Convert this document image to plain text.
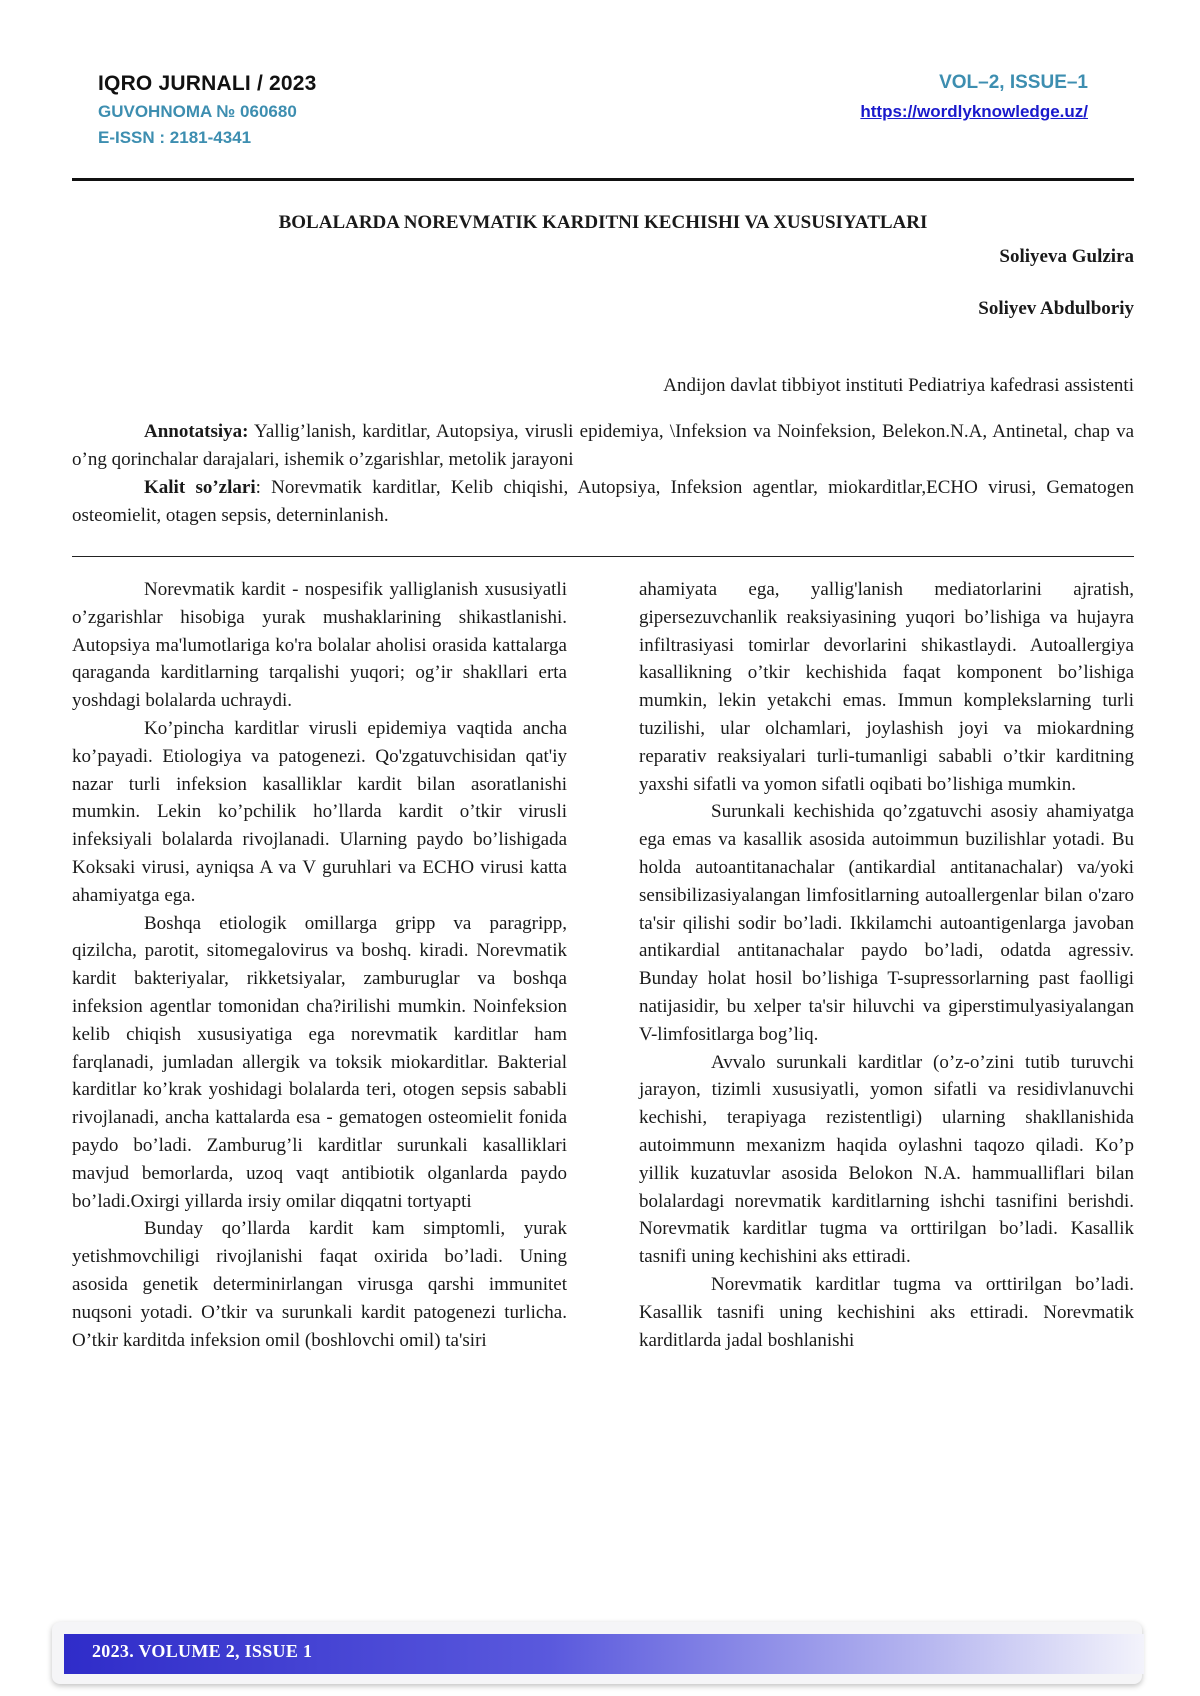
IQRO JURNALI / 2023
GUVOHNOMA № 060680
E-ISSN : 2181-4341
VOL–2, ISSUE–1
https://wordlyknowledge.uz/
BOLALARDA NOREVMATIK KARDITNI KECHISHI VA XUSUSIYATLARI
Soliyeva Gulzira
Soliyev Abdulboriy
Andijon davlat tibbiyot instituti Pediatriya kafedrasi assistenti

Annotatsiya: Yallig’lanish, karditlar, Autopsiya, virusli epidemiya, \Infeksion va Noinfeksion, Belekon.N.A, Antinetal, chap va o’ng qorinchalar darajalari, ishemik o’zgarishlar, metolik jarayoni

Kalit so’zlari: Norevmatik karditlar, Kelib chiqishi, Autopsiya, Infeksion agentlar, miokarditlar,ECHO virusi, Gematogen osteomielit, otagen sepsis, deterninlanish.

Norevmatik kardit - nospesifik yalliglanish xususiyatli o’zgarishlar hisobiga yurak mushaklarining shikastlanishi. Autopsiya ma'lumotlariga ko'ra bolalar aholisi orasida kattalarga qaraganda karditlarning tarqalishi yuqori; og’ir shakllari erta yoshdagi bolalarda uchraydi.

Ko’pincha karditlar virusli epidemiya vaqtida ancha ko’payadi. Etiologiya va patogenezi. Qo'zgatuvchisidan qat'iy nazar turli infeksion kasalliklar kardit bilan asoratlanishi mumkin. Lekin ko’pchilik ho’llarda kardit o’tkir virusli infeksiyali bolalarda rivojlanadi. Ularning paydo bo’lishigada Koksaki virusi, ayniqsa A va V guruhlari va ECHO virusi katta ahamiyatga ega.

Boshqa etiologik omillarga gripp va paragripp, qizilcha, parotit, sitomegalovirus va boshq. kiradi. Norevmatik kardit bakteriyalar, rikketsiyalar, zamburuglar va boshqa infeksion agentlar tomonidan cha?irilishi mumkin. Noinfeksion kelib chiqish xususiyatiga ega norevmatik karditlar ham farqlanadi, jumladan allergik va toksik miokarditlar. Bakterial karditlar ko’krak yoshidagi bolalarda teri, otogen sepsis sababli rivojlanadi, ancha kattalarda esa - gematogen osteomielit fonida paydo bo’ladi. Zamburug’li karditlar surunkali kasalliklari mavjud bemorlarda, uzoq vaqt antibiotik olganlarda paydo bo’ladi.Oxirgi yillarda irsiy omilar diqqatni tortyapti

Bunday qo’llarda kardit kam simptomli, yurak yetishmovchiligi rivojlanishi faqat oxirida bo’ladi. Uning asosida genetik determinirlangan virusga qarshi immunitet nuqsoni yotadi. O’tkir va surunkali kardit patogenezi turlicha. O’tkir karditda infeksion omil (boshlovchi omil) ta'siri

ahamiyata ega, yallig'lanish mediatorlarini ajratish, gipersezuvchanlik reaksiyasining yuqori bo’lishiga va hujayra infiltrasiyasi tomirlar devorlarini shikastlaydi. Autoallergiya kasallikning o’tkir kechishida faqat komponent bo’lishiga mumkin, lekin yetakchi emas. Immun komplekslarning turli tuzilishi, ular olchamlari, joylashish joyi va miokardning reparativ reaksiyalari turli-tumanligi sababli o’tkir karditning yaxshi sifatli va yomon sifatli oqibati bo’lishiga mumkin.

Surunkali kechishida qo’zgatuvchi asosiy ahamiyatga ega emas va kasallik asosida autoimmun buzilishlar yotadi. Bu holda autoantitanachalar (antikardial antitanachalar) va/yoki sensibilizasiyalangan limfositlarning autoallergenlar bilan o'zaro ta'sir qilishi sodir bo’ladi. Ikkilamchi autoantigenlarga javoban antikardial antitanachalar paydo bo’ladi, odatda agressiv. Bunday holat hosil bo’lishiga T-supressorlarning past faolligi natijasidir, bu xelper ta'sir hiluvchi va giperstimulyasiyalangan V-limfositlarga bog’liq.

Avvalo surunkali karditlar (o’z-o’zini tutib turuvchi jarayon, tizimli xususiyatli, yomon sifatli va residivlanuvchi kechishi, terapiyaga rezistentligi) ularning shakllanishida autoimmunn mexanizm haqida oylashni taqozo qiladi. Ko’p yillik kuzatuvlar asosida Belokon N.A. hammualliflari bilan bolalardagi norevmatik karditlarning ishchi tasnifini berishdi. Norevmatik karditlar tugma va orttirilgan bo’ladi. Kasallik tasnifi uning kechishini aks ettiradi.

Norevmatik karditlar tugma va orttirilgan bo’ladi. Kasallik tasnifi uning kechishini aks ettiradi. Norevmatik karditlarda jadal boshlanishi

2023. VOLUME 2, ISSUE 1
